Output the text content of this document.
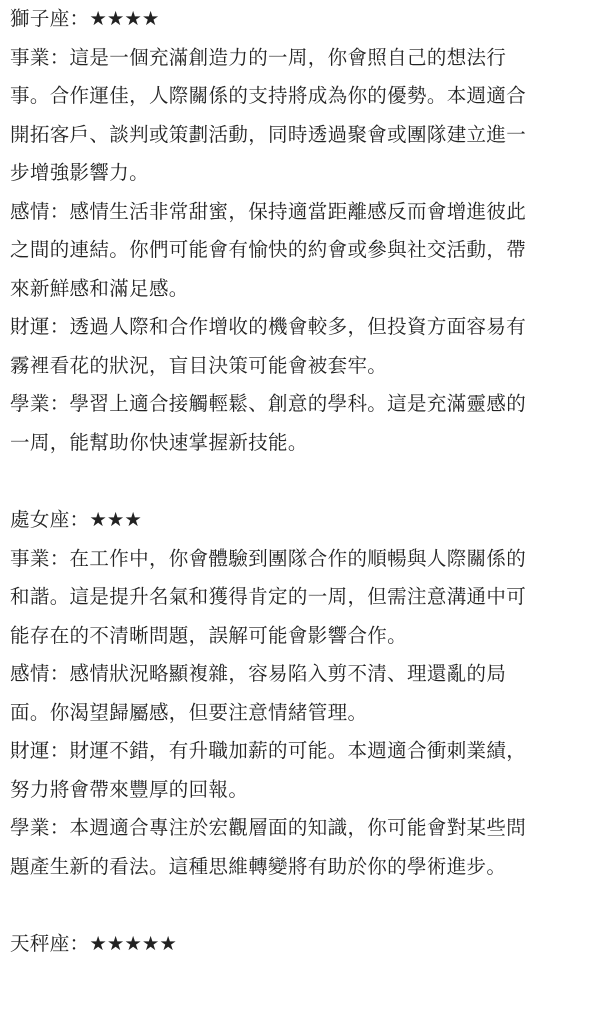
獅子座：★★★★
事業：這是一個充滿創造力的一周，你會照自己的想法行
事。合作運佳，人際關係的支持將成為你的優勢。本週適合
開拓客戶、談判或策劃活動，同時透過聚會或團隊建立進一
步增強影響力。
感情：感情生活非常甜蜜，保持適當距離感反而會增進彼此
之間的連結。你們可能會有愉快的約會或參與社交活動，帶
來新鮮感和滿足感。
財運：透過人際和合作增收的機會較多，但投資方面容易有
霧裡看花的狀況，盲目決策可能會被套牢。
學業：學習上適合接觸輕鬆、創意的學科。這是充滿靈感的
一周，能幫助你快速掌握新技能。
處女座：★★★
事業：在工作中，你會體驗到團隊合作的順暢與人際關係的
和諧。這是提升名氣和獲得肯定的一周，但需注意溝通中可
能存在的不清晰問題，誤解可能會影響合作。
感情：感情狀況略顯複雜，容易陷入剪不清、理還亂的局
面。你渴望歸屬感，但要注意情緒管理。
財運：財運不錯，有升職加薪的可能。本週適合衝刺業績，
努力將會帶來豐厚的回報。
學業：本週適合專注於宏觀層面的知識，你可能會對某些問
題產生新的看法。這種思維轉變將有助於你的學術進步。
天秤座：★★★★★
